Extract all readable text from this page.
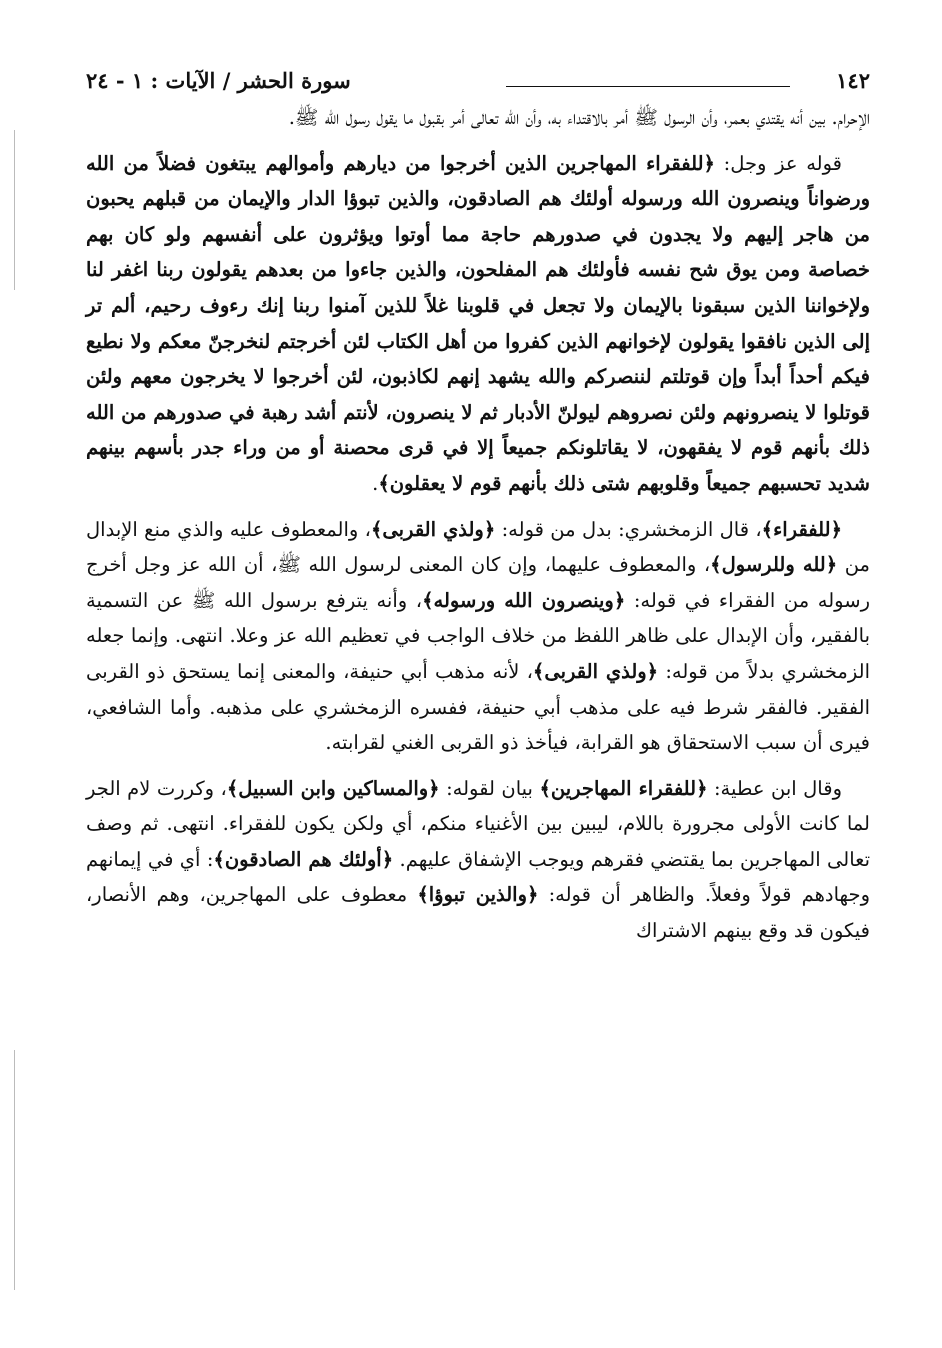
١٤٢
سورة الحشر / الآيات : ١ - ٢٤

الإحرام. بين أنه يقتدي بعمر، وأن الرسول ﷺ أمر بالاقتداء به، وأن الله تعالى أمر بقبول ما يقول رسول الله ﷺ.

قوله عز وجل: ﴿للفقراء المهاجرين الذين أخرجوا من ديارهم وأموالهم يبتغون فضلاً من الله ورضواناً وينصرون الله ورسوله أولئك هم الصادقون، والذين تبوؤا الدار والإيمان من قبلهم يحبون من هاجر إليهم ولا يجدون في صدورهم حاجة مما أوتوا ويؤثرون على أنفسهم ولو كان بهم خصاصة ومن يوق شح نفسه فأولئك هم المفلحون، والذين جاءوا من بعدهم يقولون ربنا اغفر لنا ولإخواننا الذين سبقونا بالإيمان ولا تجعل في قلوبنا غلاً للذين آمنوا ربنا إنك رءوف رحيم، ألم تر إلى الذين نافقوا يقولون لإخوانهم الذين كفروا من أهل الكتاب لئن أخرجتم لنخرجنّ معكم ولا نطيع فيكم أحداً أبداً وإن قوتلتم لننصركم والله يشهد إنهم لكاذبون، لئن أخرجوا لا يخرجون معهم ولئن قوتلوا لا ينصرونهم ولئن نصروهم ليولنّ الأدبار ثم لا ينصرون، لأنتم أشد رهبة في صدورهم من الله ذلك بأنهم قوم لا يفقهون، لا يقاتلونكم جميعاً إلا في قرى محصنة أو من وراء جدر بأسهم بينهم شديد تحسبهم جميعاً وقلوبهم شتى ذلك بأنهم قوم لا يعقلون﴾.

﴿للفقراء﴾، قال الزمخشري: بدل من قوله: ﴿ولذي القربى﴾، والمعطوف عليه والذي منع الإبدال من ﴿لله وللرسول﴾، والمعطوف عليهما، وإن كان المعنى لرسول الله ﷺ، أن الله عز وجل أخرج رسوله من الفقراء في قوله: ﴿وينصرون الله ورسوله﴾، وأنه يترفع برسول الله ﷺ عن التسمية بالفقير، وأن الإبدال على ظاهر اللفظ من خلاف الواجب في تعظيم الله عز وعلا. انتهى. وإنما جعله الزمخشري بدلاً من قوله: ﴿ولذي القربى﴾، لأنه مذهب أبي حنيفة، والمعنى إنما يستحق ذو القربى الفقير. فالفقر شرط فيه على مذهب أبي حنيفة، ففسره الزمخشري على مذهبه. وأما الشافعي، فيرى أن سبب الاستحقاق هو القرابة، فيأخذ ذو القربى الغني لقرابته.

وقال ابن عطية: ﴿للفقراء المهاجرين﴾ بيان لقوله: ﴿والمساكين وابن السبيل﴾، وكررت لام الجر لما كانت الأولى مجرورة باللام، ليبين بين الأغنياء منكم، أي ولكن يكون للفقراء. انتهى. ثم وصف تعالى المهاجرين بما يقتضي فقرهم ويوجب الإشفاق عليهم. ﴿أولئك هم الصادقون﴾: أي في إيمانهم وجهادهم قولاً وفعلاً. والظاهر أن قوله: ﴿والذين تبوؤا﴾ معطوف على المهاجرين، وهم الأنصار، فيكون قد وقع بينهم الاشتراك
